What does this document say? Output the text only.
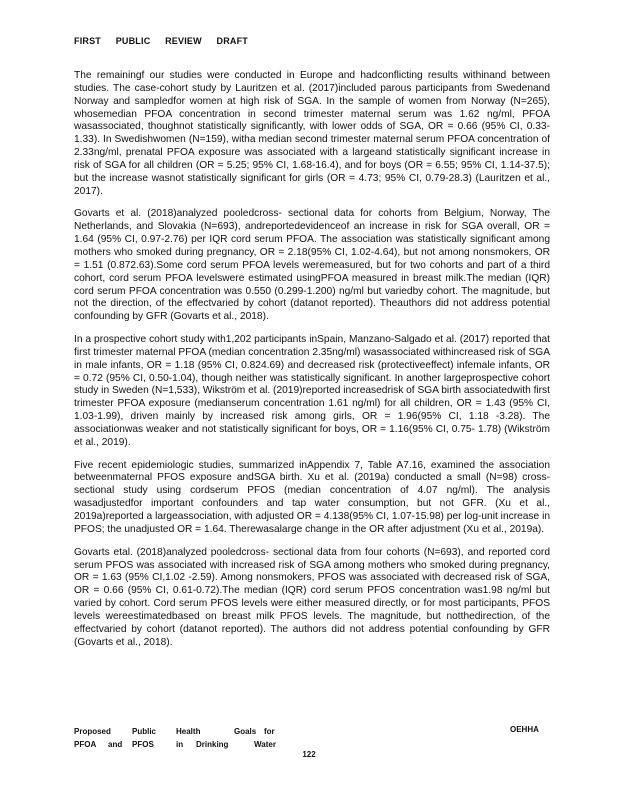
FIRST PUBLIC REVIEW DRAFT

The remainingf our studies were conducted in Europe and hadconflicting results withinand between studies. The case-cohort study by Lauritzen et al. (2017)included parous participants from Swedenand Norway and sampledfor women at high risk of SGA. In the sample of women from Norway (N=265), whosemedian PFOA concentration in second trimester maternal serum was 1.62 ng/ml, PFOA wasassociated, thoughnot statistically significantly, with lower odds of SGA, OR = 0.66 (95% CI, 0.33-1.33). In Swedishwomen (N=159), witha median second trimester maternal serum PFOA concentration of 2.33ng/ml, prenatal PFOA exposure was associated with a largeand statistically significant increase in risk of SGA for all children (OR = 5.25; 95% CI, 1.68-16.4), and for boys (OR = 6.55; 95% CI, 1.14-37.5); but the increase wasnot statistically significant for girls (OR = 4.73; 95% CI, 0.79-28.3) (Lauritzen et al., 2017).

Govarts et al. (2018)analyzed pooledcross- sectional data for cohorts from Belgium, Norway, The Netherlands, and Slovakia (N=693), andreportedevidenceof an increase in risk for SGA overall, OR = 1.64 (95% CI, 0.97-2.76) per IQR cord serum PFOA. The association was statistically significant among mothers who smoked during pregnancy, OR = 2.18(95% CI, 1.02-4.64), but not among nonsmokers, OR = 1.51 (0.872.63).Some cord serum PFOA levels weremeasured, but for two cohorts and part of a third cohort, cord serum PFOA levelswere estimated usingPFOA measured in breast milk.The median (IQR) cord serum PFOA concentration was 0.550 (0.299-1.200) ng/ml but variedby cohort. The magnitude, but not the direction, of the effectvaried by cohort (datanot reported). Theauthors did not address potential confounding by GFR (Govarts et al., 2018).

In a prospective cohort study with1,202 participants inSpain, Manzano-Salgado et al. (2017) reported that first trimester maternal PFOA (median concentration 2.35ng/ml) wasassociated withincreased risk of SGA in male infants, OR = 1.18 (95% CI, 0.824.69) and decreased risk (protectiveeffect) infemale infants, OR = 0.72 (95% CI, 0.50-1.04), though neither was statistically significant. In another largeprospective cohort study in Sweden (N=1,533), Wikström et al. (2019)reported increasedrisk of SGA birth associatedwith first trimester PFOA exposure (medianserum concentration 1.61 ng/ml) for all children, OR = 1.43 (95% CI, 1.03-1.99), driven mainly by increased risk among girls, OR = 1.96(95% CI, 1.18 -3.28). The associationwas weaker and not statistically significant for boys, OR = 1.16(95% CI, 0.75- 1.78) (Wikström et al., 2019).

Five recent epidemiologic studies, summarized inAppendix 7, Table A7.16, examined the association betweenmaternal PFOS exposure andSGA birth. Xu et al. (2019a) conducted a small (N=98) cross-sectional study using cordserum PFOS (median concentration of 4.07 ng/ml). The analysis wasadjustedfor important confounders and tap water consumption, but not GFR. (Xu et al., 2019a)reported a largeassociation, with adjusted OR = 4.138(95% CI, 1.07-15.98) per log-unit increase in PFOS; the unadjusted OR = 1.64. Therewasalarge change in the OR after adjustment (Xu et al., 2019a).

Govarts etal. (2018)analyzed pooledcross- sectional data from four cohorts (N=693), and reported cord serum PFOS was associated with increased risk of SGA among mothers who smoked during pregnancy, OR = 1.63 (95% CI,1.02 -2.59). Among nonsmokers, PFOS was associated with decreased risk of SGA, OR = 0.66 (95% CI, 0.61-0.72).The median (IQR) cord serum PFOS concentration was1.98 ng/ml but varied by cohort. Cord serum PFOS levels were either measured directly, or for most participants, PFOS levels wereestimatedbased on breast milk PFOS levels. The magnitude, but notthedirection, of the effectvaried by cohort (datanot reported). The authors did not address potential confounding by GFR (Govarts et al., 2018).

Proposed	Public	Health	Goals for
PFOA	and	PFOS	in	Drinking	Water
OEHHA
122
